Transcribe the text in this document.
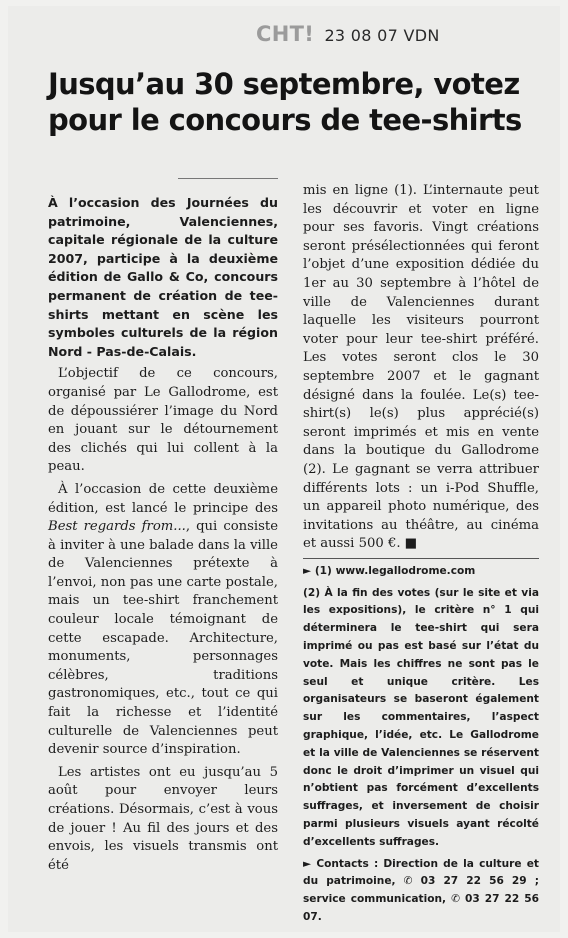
CHT! 23 08 07 VDN
Jusqu’au 30 septembre, votez pour le concours de tee-shirts

À l’occasion des Journées du patrimoine, Valenciennes, capitale régionale de la culture 2007, participe à la deuxième édition de Gallo & Co, concours permanent de création de tee-shirts mettant en scène les symboles culturels de la région Nord - Pas-de-Calais.

L’objectif de ce concours, organisé par Le Gallodrome, est de dépoussiérer l’image du Nord en jouant sur le détournement des clichés qui lui collent à la peau.

À l’occasion de cette deuxième édition, est lancé le principe des Best regards from..., qui consiste à inviter à une balade dans la ville de Valenciennes prétexte à l’envoi, non pas une carte postale, mais un tee-shirt franchement couleur locale témoignant de cette escapade. Architecture, monuments, personnages célèbres, traditions gastronomiques, etc., tout ce qui fait la richesse et l’identité culturelle de Valenciennes peut devenir source d’inspiration.

Les artistes ont eu jusqu’au 5 août pour envoyer leurs créations. Désormais, c’est à vous de jouer ! Au fil des jours et des envois, les visuels transmis ont été

mis en ligne (1). L’internaute peut les découvrir et voter en ligne pour ses favoris. Vingt créations seront présélectionnées qui feront l’objet d’une exposition dédiée du 1er au 30 septembre à l’hôtel de ville de Valenciennes durant laquelle les visiteurs pourront voter pour leur tee-shirt préféré. Les votes seront clos le 30 septembre 2007 et le gagnant désigné dans la foulée. Le(s) tee-shirt(s) le(s) plus apprécié(s) seront imprimés et mis en vente dans la boutique du Gallodrome (2). Le gagnant se verra attribuer différents lots : un i-Pod Shuffle, un appareil photo numérique, des invitations au théâtre, au cinéma et aussi 500 €. ■

► (1) www.legallodrome.com

(2) À la fin des votes (sur le site et via les expositions), le critère n° 1 qui déterminera le tee-shirt qui sera imprimé ou pas est basé sur l’état du vote. Mais les chiffres ne sont pas le seul et unique critère. Les organisateurs se baseront également sur les commentaires, l’aspect graphique, l’idée, etc. Le Gallodrome et la ville de Valenciennes se réservent donc le droit d’imprimer un visuel qui n’obtient pas forcément d’excellents suffrages, et inversement de choisir parmi plusieurs visuels ayant récolté d’excellents suffrages.

► Contacts : Direction de la culture et du patrimoine, ✆ 03 27 22 56 29 ; service communication, ✆ 03 27 22 56 07.
